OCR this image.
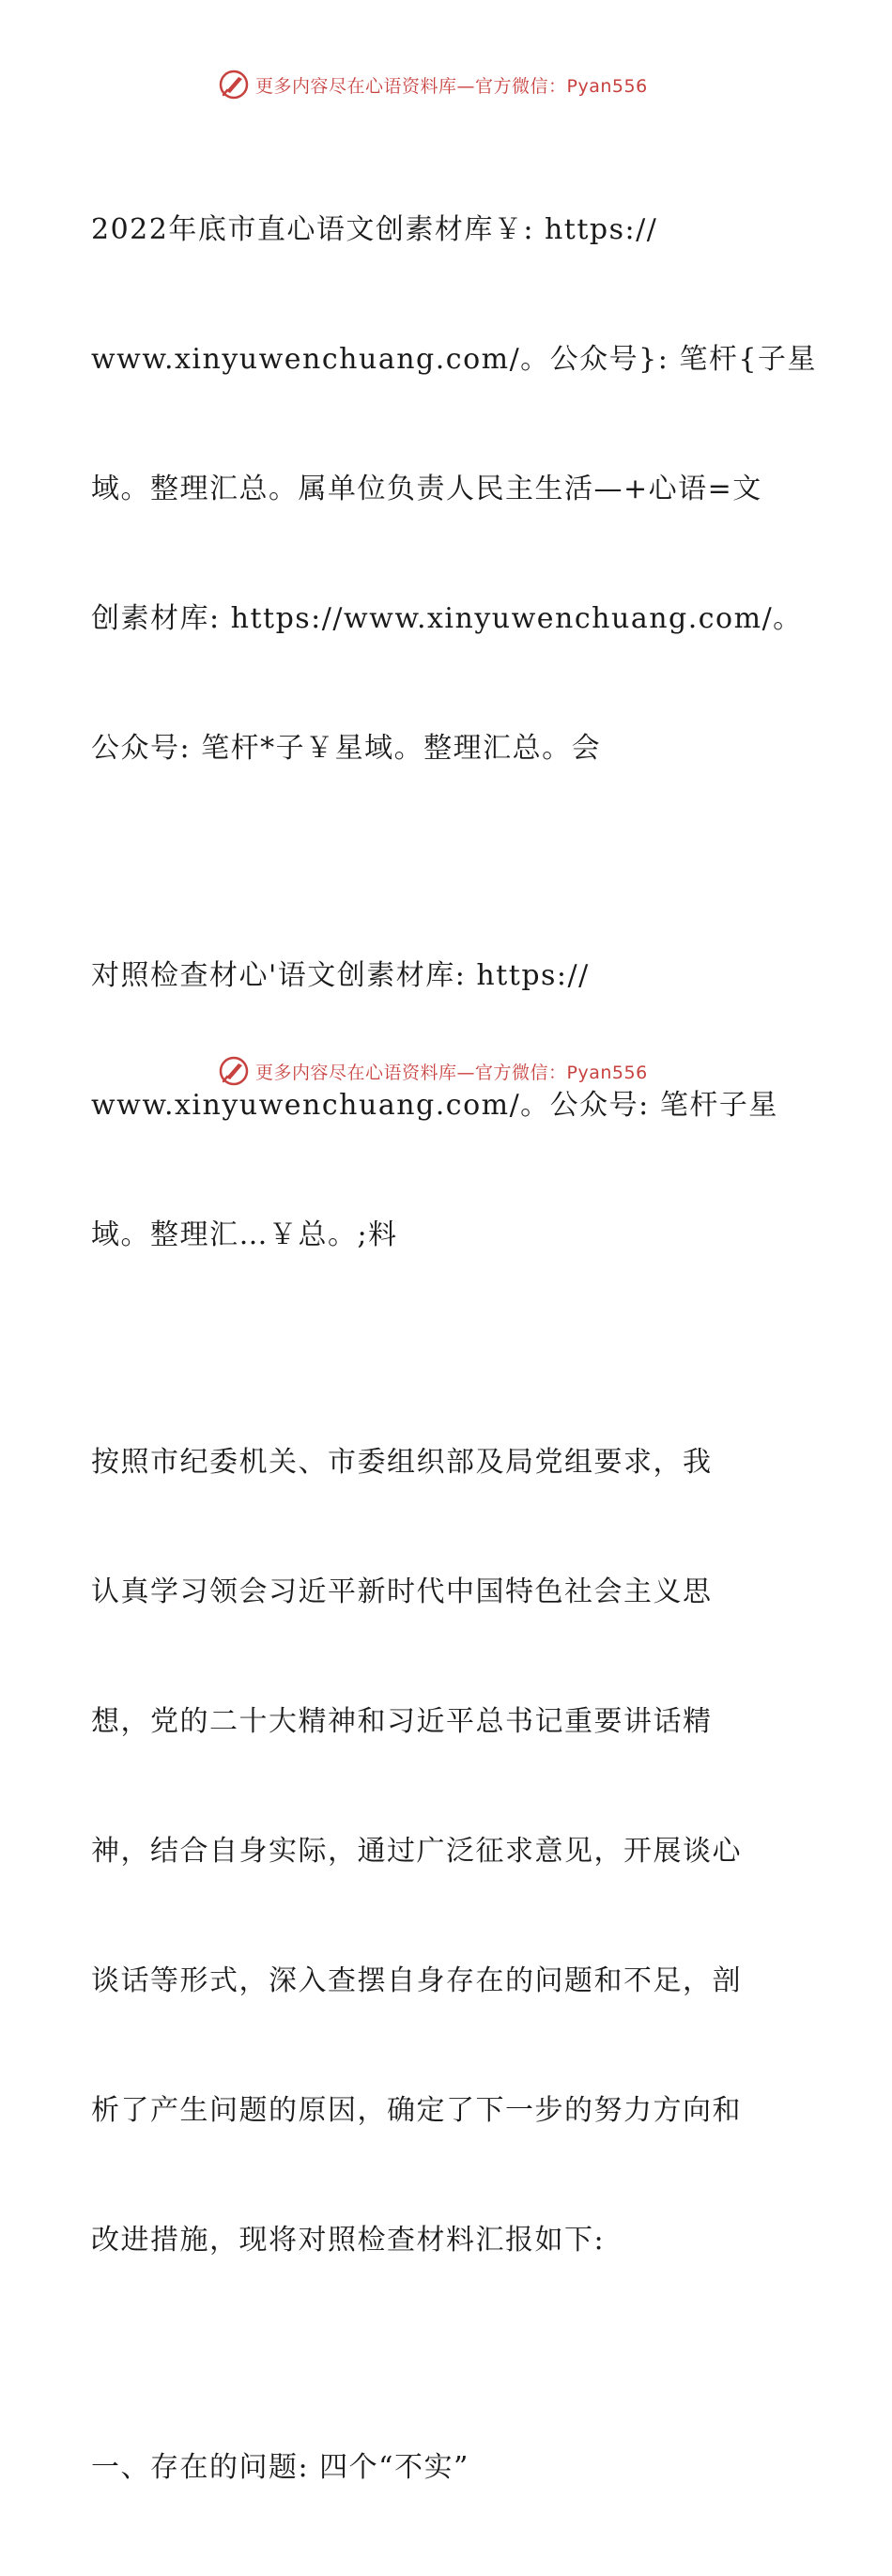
更多内容尽在心语资料库—官方微信：Pyan556

2022年底市直心语文创素材库￥: https://

www.xinyuwenchuang.com/。公众号}: 笔杆{子星

域。整理汇总。属单位负责人民主生活—+心语=文

创素材库: https://www.xinyuwenchuang.com/。

公众号: 笔杆*子￥星域。整理汇总。会

对照检查材心'语文创素材库: https://

www.xinyuwenchuang.com/。公众号: 笔杆子星

域。整理汇…￥总。;料

按照市纪委机关、市委组织部及局党组要求，我

认真学习领会习近平新时代中国特色社会主义思

想，党的二十大精神和习近平总书记重要讲话精

神，结合自身实际，通过广泛征求意见，开展谈心

谈话等形式，深入查摆自身存在的问题和不足，剖

析了产生问题的原因，确定了下一步的努力方向和

改进措施，现将对照检查材料汇报如下:

一、存在的问题: 四个“不实”

更多内容尽在心语资料库—官方微信：Pyan556
